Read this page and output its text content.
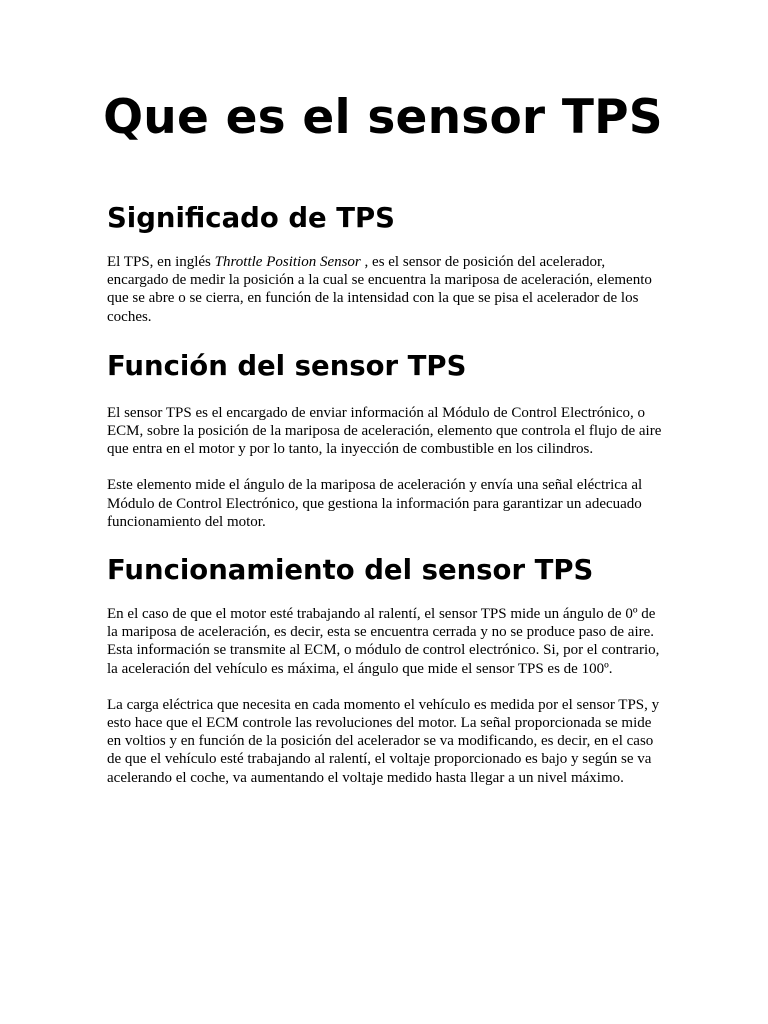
Que es el sensor TPS
Significado de TPS

El TPS, en inglés Throttle Position Sensor , es el sensor de posición del acelerador, encargado de medir la posición a la cual se encuentra la mariposa de aceleración, elemento que se abre o se cierra, en función de la intensidad con la que se pisa el acelerador de los coches.

Función del sensor TPS

El sensor TPS es el encargado de enviar información al Módulo de Control Electrónico, o ECM, sobre la posición de la mariposa de aceleración, elemento que controla el flujo de aire que entra en el motor y por lo tanto, la inyección de combustible en los cilindros.

Este elemento mide el ángulo de la mariposa de aceleración y envía una señal eléctrica al Módulo de Control Electrónico, que gestiona la información para garantizar un adecuado funcionamiento del motor.

Funcionamiento del sensor TPS

En el caso de que el motor esté trabajando al ralentí, el sensor TPS mide un ángulo de 0º de la mariposa de aceleración, es decir, esta se encuentra cerrada y no se produce paso de aire. Esta información se transmite al ECM, o módulo de control electrónico. Si, por el contrario, la aceleración del vehículo es máxima, el ángulo que mide el sensor TPS es de 100º.

La carga eléctrica que necesita en cada momento el vehículo es medida por el sensor TPS, y esto hace que el ECM controle las revoluciones del motor. La señal proporcionada se mide en voltios y en función de la posición del acelerador se va modificando, es decir, en el caso de que el vehículo esté trabajando al ralentí, el voltaje proporcionado es bajo y según se va acelerando el coche, va aumentando el voltaje medido hasta llegar a un nivel máximo.
